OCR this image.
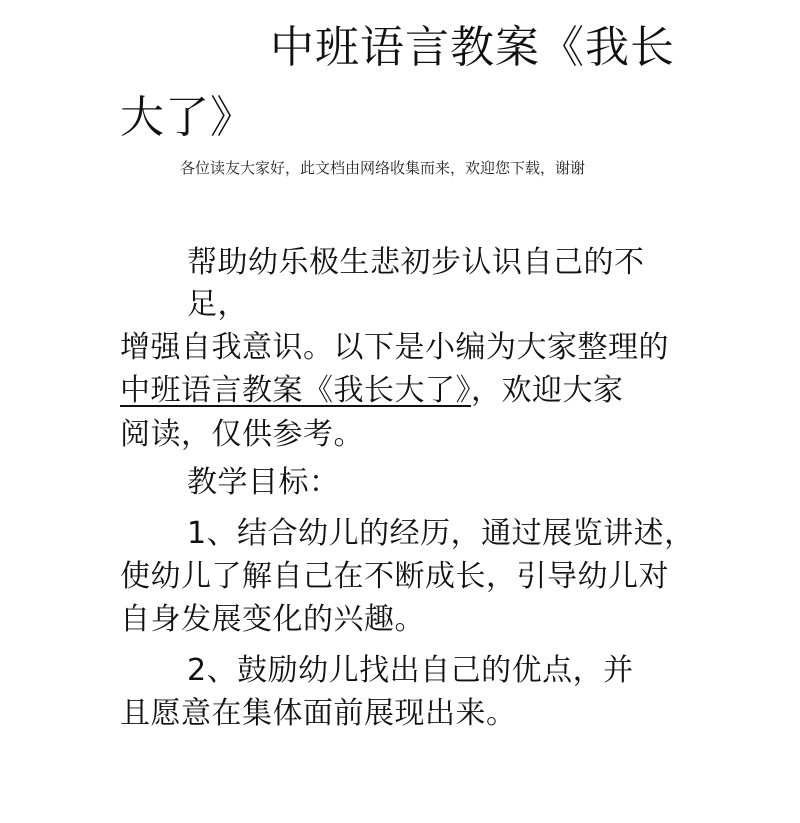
中班语言教案《我长
大了》
各位读友大家好，此文档由网络收集而来，欢迎您下载，谢谢
帮助幼乐极生悲初步认识自己的不
足，
增强自我意识。以下是小编为大家整理的
中班语言教案《我长大了》，欢迎大家
阅读，仅供参考。
教学目标：
1、结合幼儿的经历，通过展览讲述，
使幼儿了解自己在不断成长，引导幼儿对
自身发展变化的兴趣。
2、鼓励幼儿找出自己的优点，并
且愿意在集体面前展现出来。
